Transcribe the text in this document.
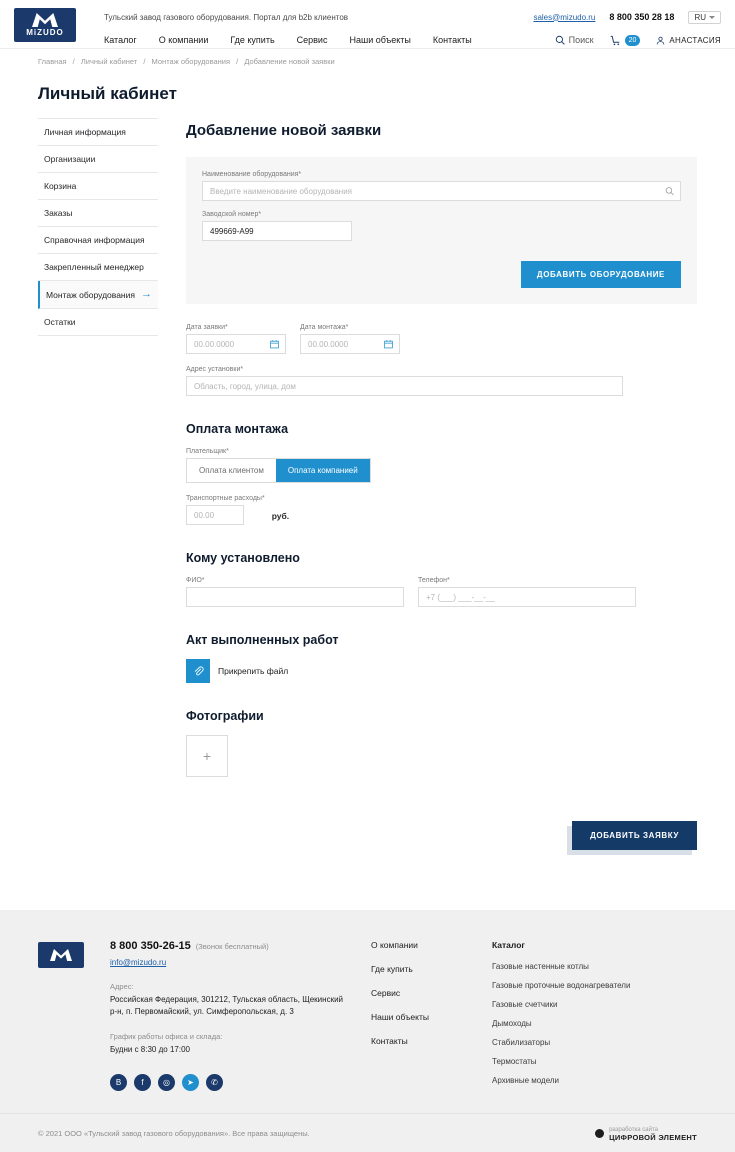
MiZUDO
Тульский завод газового оборудования. Портал для b2b клиентов	sales@mizudo.ru 8 800 350 28 18	RU
Каталог О компании Где купить Сервис Наши объекты Контакты	Поиск	20	АНАСТАСИЯ
Главная / Личный кабинет / Монтаж оборудования / Добавление новой заявки
Личный кабинет
Личная информация
Организации
Корзина
Заказы
Справочная информация
Закрепленный менеджер
Монтаж оборудования →
Остатки
Добавление новой заявки
Наименование оборудования*
Введите наименование оборудования
Заводской номер*
499669-A99
ДОБАВИТЬ ОБОРУДОВАНИЕ
Дата заявки*
00.00.0000
Дата монтажа*
00.00.0000
Адрес установки*
Область, город, улица, дом
Оплата монтажа
Плательщик*
Оплата клиентом	Оплата компанией
Транспортные расходы*
00.00	руб.
Кому установлено
ФИО*	Телефон*
+7 (___) ___-__-__
Акт выполненных работ
Прикрепить файл
Фотографии
+
ДОБАВИТЬ ЗАЯВКУ
8 800 350-26-15 (Звонок бесплатный)
info@mizudo.ru
Адрес:
Российская Федерация, 301212, Тульская область, Щекинский р-н, п. Первомайский, ул. Симферопольская, д. 3
График работы офиса и склада:
Будни с 8:30 до 17:00
В	f	◎	➤	✆
О компании
Где купить
Сервис
Наши объекты
Контакты
Каталог
Газовые настенные котлы
Газовые проточные водонагреватели
Газовые счетчики
Дымоходы
Стабилизаторы
Термостаты
Архивные модели
© 2021 ООО «Тульский завод газового оборудования». Все права защищены.	разработка сайта
ЦИФРОВОЙ ЭЛЕМЕНТ
